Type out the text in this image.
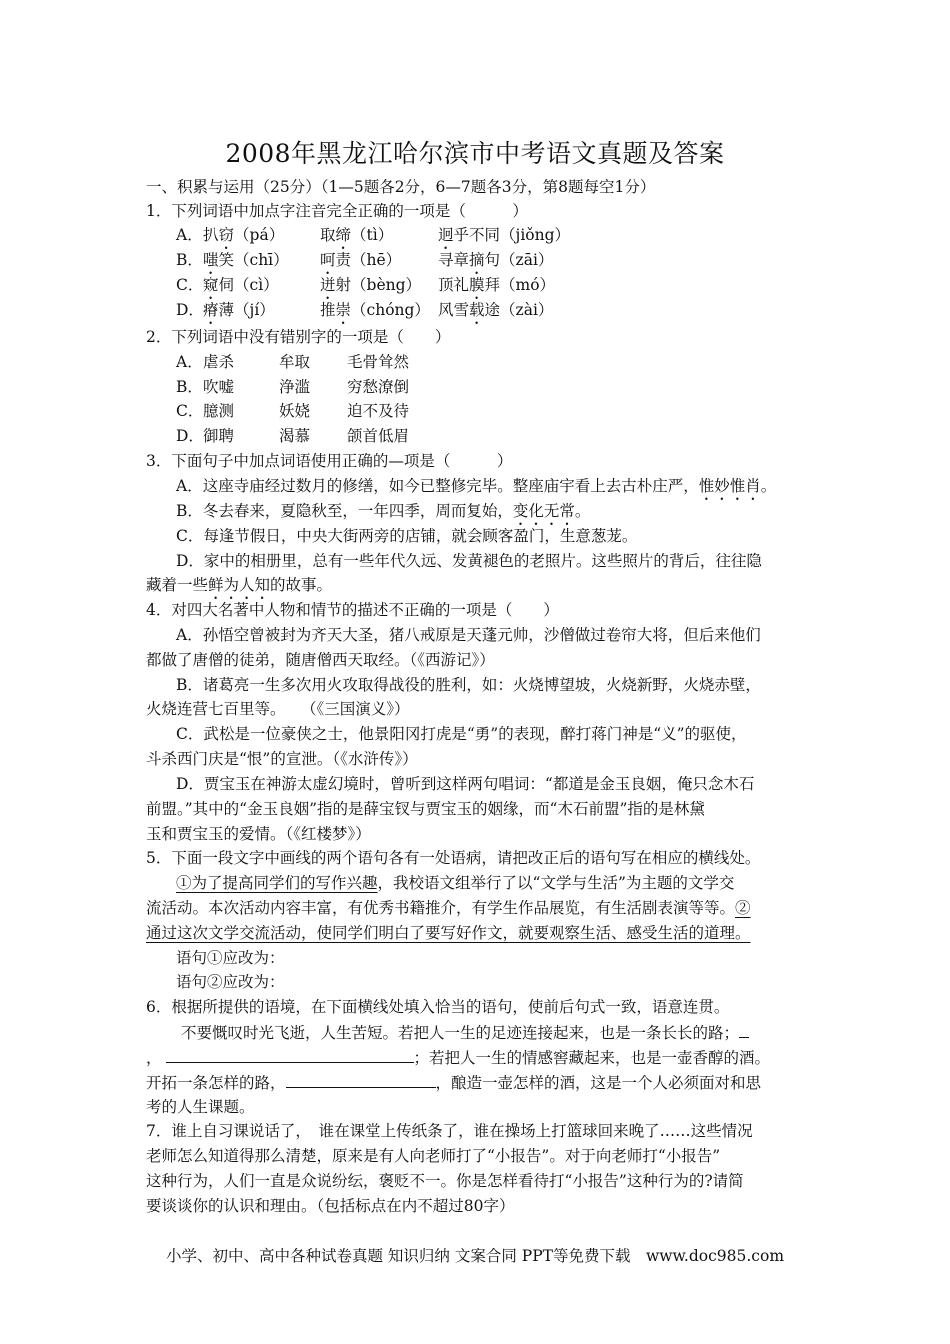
2008年黑龙江哈尔滨市中考语文真题及答案
一、积累与运用（25分）（1—5题各2分，6—7题各3分，第8题每空1分）
1．下列词语中加点字注音完全正确的一项是（　　　）
A．扒窃（pá） 取缔（tì）	迥乎不同（jiǒng）
B．嗤笑（chī） 呵责（hē） 寻章摘句（zāi）
C．窥伺（cì）	迸射（bèng） 顶礼膜拜（mó）
D．瘠薄（jí）	推崇（chóng） 风雪载途（zài）
2．下列词语中没有错别字的一项是（　　）
A．虐杀	牟取 毛骨耸然
B．吹嘘	浄滥 穷愁潦倒
C．臆测	妖娆 迫不及待
D．御聘	渴慕 颌首低眉
3．下面句子中加点词语使用正确的—项是（　　　）
A．这座寺庙经过数月的修缮，如今已整修完毕。整座庙宇看上去古朴庄严，惟妙惟肖。
B．冬去春来，夏隐秋至，一年四季，周而复始，变化无常。
C．每逢节假日，中央大街两旁的店铺，就会顾客盈门，生意葱茏。
D．家中的相册里，总有一些年代久远、发黄褪色的老照片。这些照片的背后，往往隐
藏着一些鲜为人知的故事。
4．对四大名著中人物和情节的描述不正确的一项是（　　）
A．孙悟空曾被封为齐天大圣，猪八戒原是天蓬元帅，沙僧做过卷帘大将，但后来他们
都做了唐僧的徒弟，随唐僧西天取经。（《西游记》）
B．诸葛亮一生多次用火攻取得战役的胜利，如：火烧博望坡，火烧新野，火烧赤壁，
火烧连营七百里等。　　（《三国演义》）
C．武松是一位豪侠之士，他景阳冈打虎是“勇”的表现，醉打蒋门神是“义”的驱使，
斗杀西门庆是“恨”的宣泄。（《水浒传》）
D．贾宝玉在神游太虚幻境时，曾听到这样两句唱词：“都道是金玉良姻，俺只念木石
前盟。”其中的“金玉良姻”指的是薛宝钗与贾宝玉的姻缘，而“木石前盟”指的是林黛
玉和贾宝玉的爱情。（《红楼梦》）
5．下面一段文字中画线的两个语句各有一处语病，请把改正后的语句写在相应的横线处。
①为了提高同学们的写作兴趣，我校语文组举行了以“文学与生活”为主题的文学交
流活动。本次活动内容丰富，有优秀书籍推介，有学生作品展览，有生活剧表演等等。②
通过这次文学交流活动，使同学们明白了要写好作文，就要观察生活、感受生活的道理。
语句①应改为：
语句②应改为：
6．根据所提供的语境，在下面横线处填入恰当的语句，使前后句式一致，语意连贯。
不要慨叹时光飞逝，人生苦短。若把人一生的足迹连接起来，也是一条长长的路；
，	；若把人一生的情感窖藏起来，也是一壶香醇的酒。
开拓一条怎样的路，	，酿造一壶怎样的酒，这是一个人必须面对和思
考的人生课题。
7．谁上自习课说话了，　谁在课堂上传纸条了，谁在操场上打篮球回来晚了……这些情况
老师怎么知道得那么清楚，原来是有人向老师打了“小报告”。对于向老师打“小报告”
这种行为，人们一直是众说纷纭，褒贬不一。你是怎样看待打“小报告”这种行为的?请简
要谈谈你的认识和理由。（包括标点在内不超过80字）
小学、初中、高中各种试卷真题 知识归纳 文案合同 PPT等免费下载　www.doc985.com
